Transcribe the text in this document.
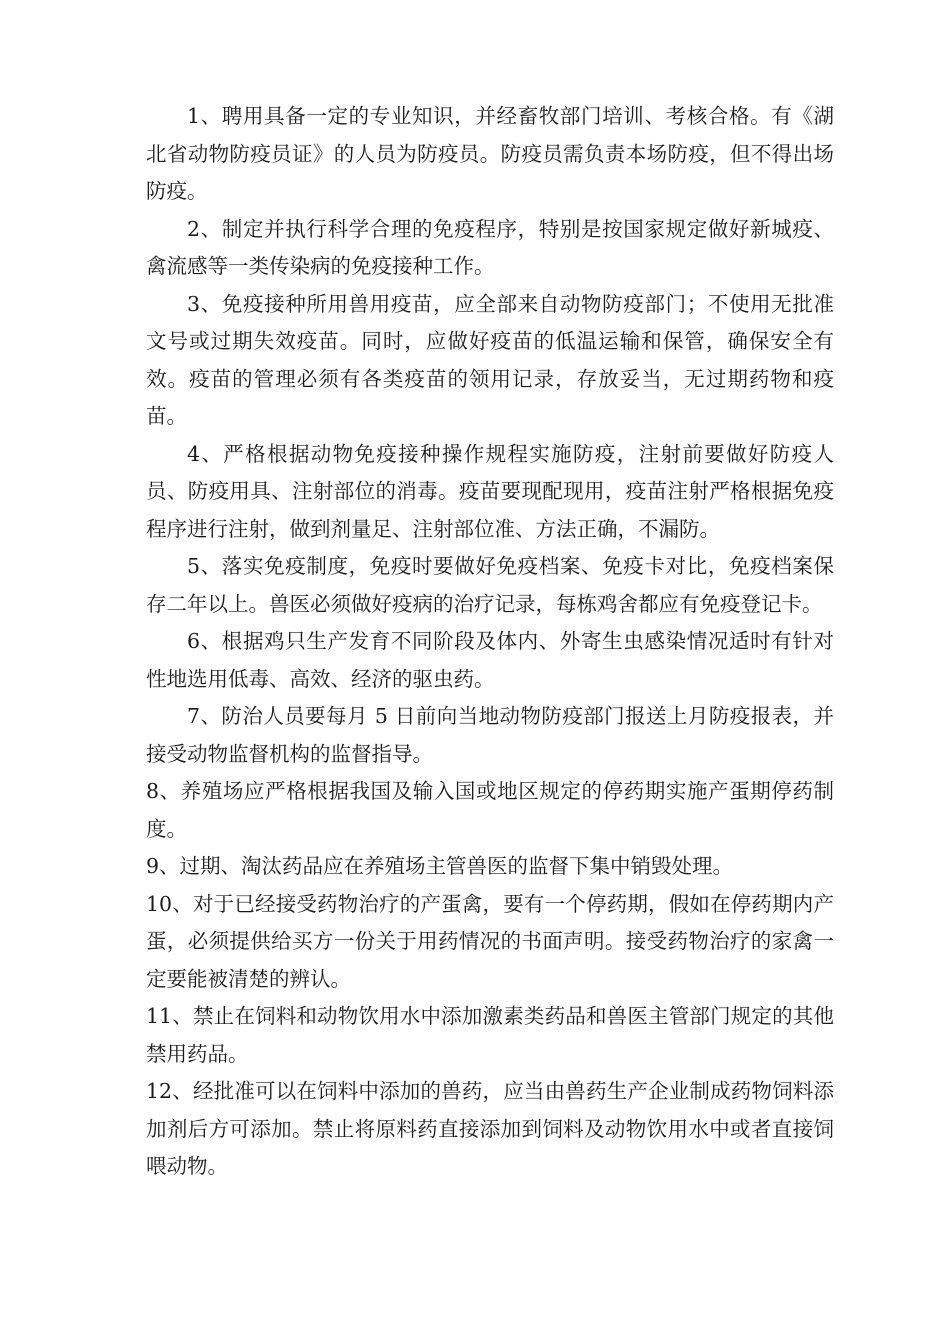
1、聘用具备一定的专业知识，并经畜牧部门培训、考核合格。有《湖北省动物防疫员证》的人员为防疫员。防疫员需负责本场防疫，但不得出场防疫。

2、制定并执行科学合理的免疫程序，特别是按国家规定做好新城疫、禽流感等一类传染病的免疫接种工作。

3、免疫接种所用兽用疫苗，应全部来自动物防疫部门；不使用无批准文号或过期失效疫苗。同时，应做好疫苗的低温运输和保管，确保安全有效。疫苗的管理必须有各类疫苗的领用记录，存放妥当，无过期药物和疫苗。

4、严格根据动物免疫接种操作规程实施防疫，注射前要做好防疫人员、防疫用具、注射部位的消毒。疫苗要现配现用，疫苗注射严格根据免疫程序进行注射，做到剂量足、注射部位准、方法正确，不漏防。

5、落实免疫制度，免疫时要做好免疫档案、免疫卡对比，免疫档案保存二年以上。兽医必须做好疫病的治疗记录，每栋鸡舍都应有免疫登记卡。

6、根据鸡只生产发育不同阶段及体内、外寄生虫感染情况适时有针对性地选用低毒、高效、经济的驱虫药。

7、防治人员要每月 5 日前向当地动物防疫部门报送上月防疫报表，并接受动物监督机构的监督指导。

8、养殖场应严格根据我国及输入国或地区规定的停药期实施产蛋期停药制度。

9、过期、淘汰药品应在养殖场主管兽医的监督下集中销毁处理。

10、对于已经接受药物治疗的产蛋禽，要有一个停药期，假如在停药期内产蛋，必须提供给买方一份关于用药情况的书面声明。接受药物治疗的家禽一定要能被清楚的辨认。

11、禁止在饲料和动物饮用水中添加激素类药品和兽医主管部门规定的其他禁用药品。

12、经批准可以在饲料中添加的兽药，应当由兽药生产企业制成药物饲料添加剂后方可添加。禁止将原料药直接添加到饲料及动物饮用水中或者直接饲喂动物。
